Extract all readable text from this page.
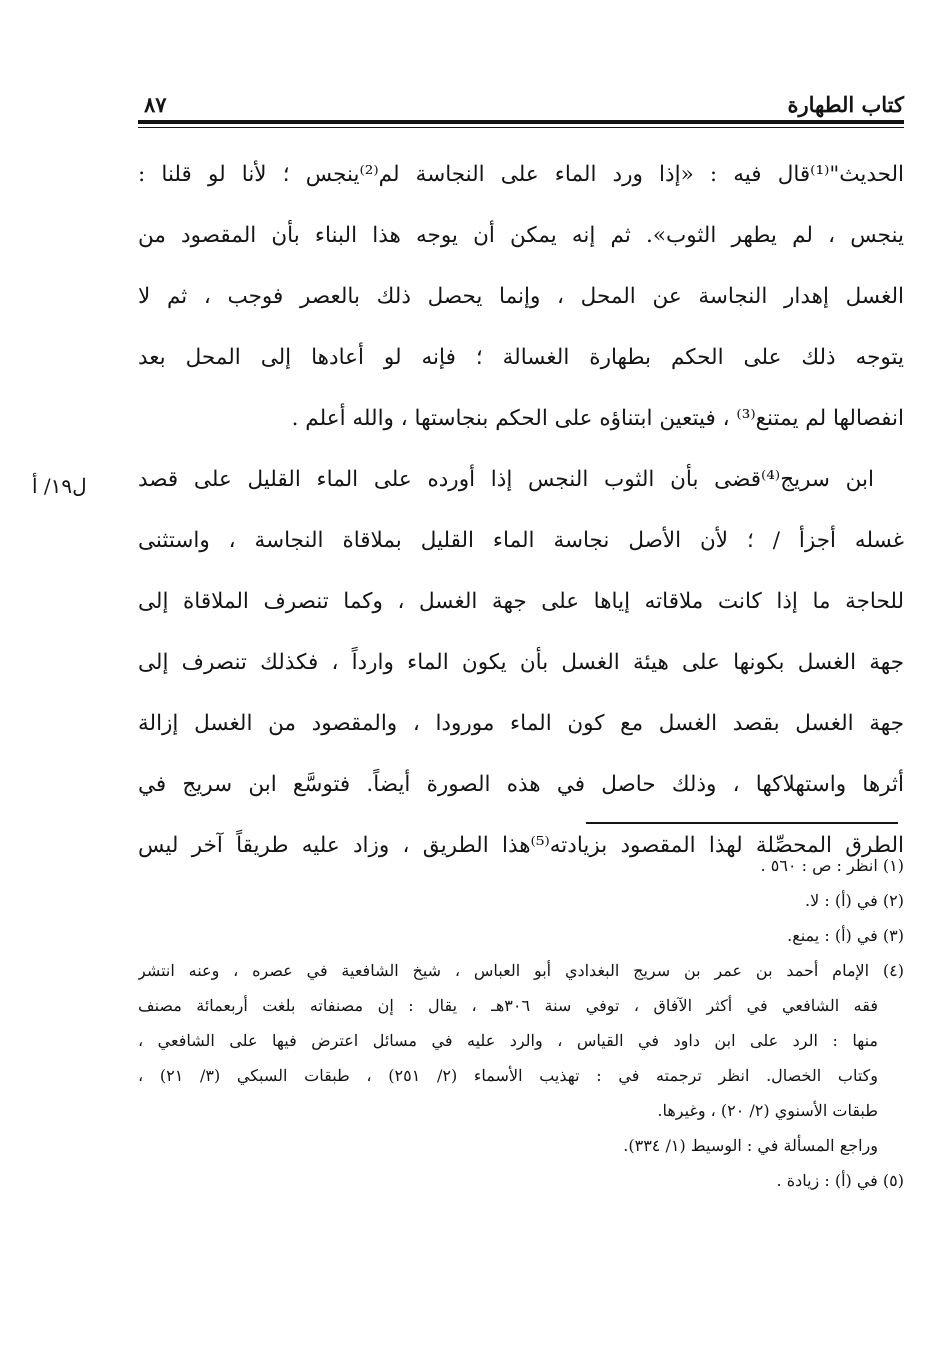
كتاب الطهارة
٨٧
ل١٩/ أ
الحديث"⁽¹⁾قال فيه : «إذا ورد الماء على النجاسة لم⁽²⁾ينجس ؛ لأنا لو قلنا :
ينجس ، لم يطهر الثوب». ثم إنه يمكن أن يوجه هذا البناء بأن المقصود من
الغسل إهدار النجاسة عن المحل ، وإنما يحصل ذلك بالعصر فوجب ، ثم لا
يتوجه ذلك على الحكم بطهارة الغسالة ؛ فإنه لو أعادها إلى المحل بعد
انفصالها لم يمتنع⁽³⁾ ، فيتعين ابتناؤه على الحكم بنجاستها ، والله أعلم .
ابن سريج⁽⁴⁾قضى بأن الثوب النجس إذا أورده على الماء القليل على قصد
غسله أجزأ / ؛ لأن الأصل نجاسة الماء القليل بملاقاة النجاسة ، واستثنى
للحاجة ما إذا كانت ملاقاته إياها على جهة الغسل ، وكما تنصرف الملاقاة إلى
جهة الغسل بكونها على هيئة الغسل بأن يكون الماء وارداً ، فكذلك تنصرف إلى
جهة الغسل بقصد الغسل مع كون الماء مورودا ، والمقصود من الغسل إزالة
أثرها واستهلاكها ، وذلك حاصل في هذه الصورة أيضاً. فتوسَّع ابن سريج في
الطرق المحصِّلة لهذا المقصود بزيادته⁽⁵⁾هذا الطريق ، وزاد عليه طريقاً آخر ليس
(١) انظر : ص : ٥٦٠ .
(٢) في (أ) : لا.
(٣) في (أ) : يمنع.
(٤) الإمام أحمد بن عمر بن سريج البغدادي أبو العباس ، شيخ الشافعية في عصره ، وعنه انتشر
فقه الشافعي في أكثر الآفاق ، توفي سنة ٣٠٦هـ ، يقال : إن مصنفاته بلغت أربعمائة مصنف
منها : الرد على ابن داود في القياس ، والرد عليه في مسائل اعترض فيها على الشافعي ،
وكتاب الخصال. انظر ترجمته في : تهذيب الأسماء (٢/ ٢٥١) ، طبقات السبكي (٣/ ٢١) ،
طبقات الأسنوي (٢/ ٢٠) ، وغيرها.
وراجع المسألة في : الوسيط (١/ ٣٣٤).
(٥) في (أ) : زيادة .
